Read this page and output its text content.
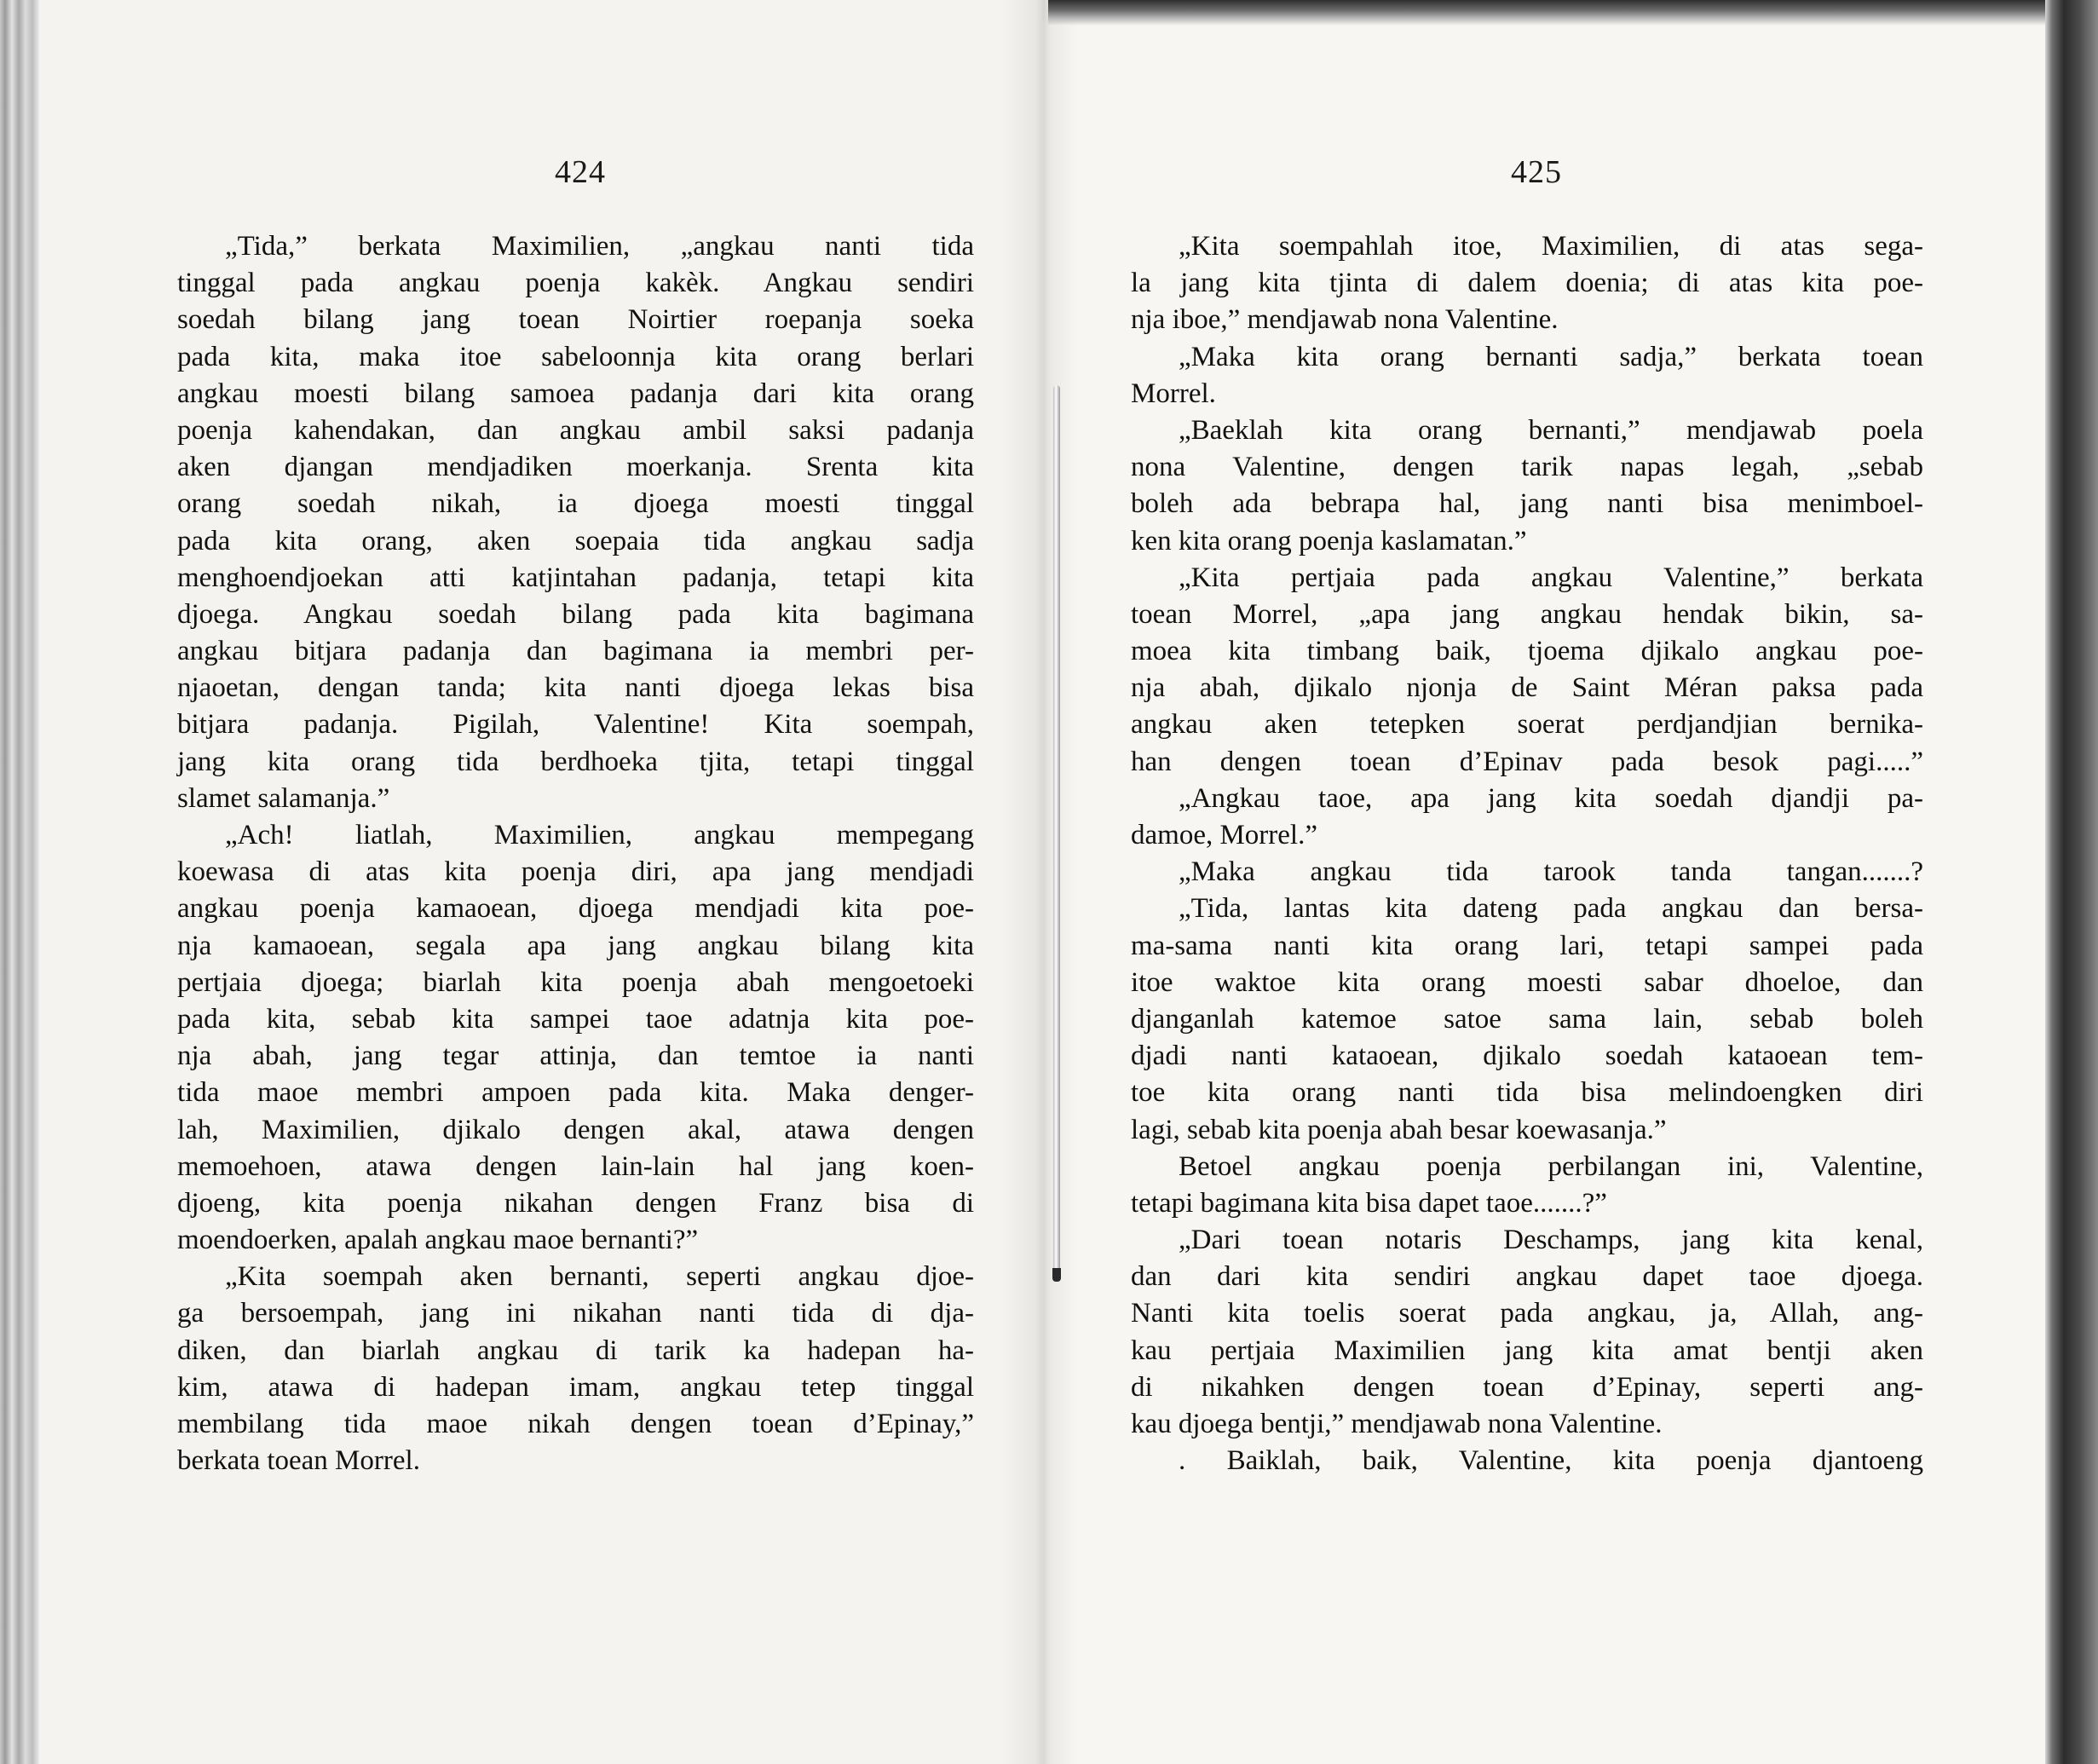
424	425
„Tida,” berkata Maximilien, „angkau nanti tida
tinggal pada angkau poenja kakèk. Angkau sendiri
soedah bilang jang toean Noirtier roepanja soeka
pada kita, maka itoe sabeloonnja kita orang berlari
angkau moesti bilang samoea padanja dari kita orang
poenja kahendakan, dan angkau ambil saksi padanja
aken djangan mendjadiken moerkanja. Srenta kita
orang soedah nikah, ia djoega moesti tinggal
pada kita orang, aken soepaia tida angkau sadja
menghoendjoekan atti katjintahan padanja, tetapi kita
djoega. Angkau soedah bilang pada kita bagimana
angkau bitjara padanja dan bagimana ia membri per-
njaoetan, dengan tanda; kita nanti djoega lekas bisa
bitjara padanja. Pigilah, Valentine! Kita soempah,
jang kita orang tida berdhoeka tjita, tetapi tinggal
slamet salamanja.”
„Ach! liatlah, Maximilien, angkau mempegang
koewasa di atas kita poenja diri, apa jang mendjadi
angkau poenja kamaoean, djoega mendjadi kita poe-
nja kamaoean, segala apa jang angkau bilang kita
pertjaia djoega; biarlah kita poenja abah mengoetoeki
pada kita, sebab kita sampei taoe adatnja kita poe-
nja abah, jang tegar attinja, dan temtoe ia nanti
tida maoe membri ampoen pada kita. Maka denger-
lah, Maximilien, djikalo dengen akal, atawa dengen
memoehoen, atawa dengen lain-lain hal jang koen-
djoeng, kita poenja nikahan dengen Franz bisa di
moendoerken, apalah angkau maoe bernanti?”
„Kita soempah aken bernanti, seperti angkau djoe-
ga bersoempah, jang ini nikahan nanti tida di dja-
diken, dan biarlah angkau di tarik ka hadepan ha-
kim, atawa di hadepan imam, angkau tetep tinggal
membilang tida maoe nikah dengen toean d’Epinay,”
berkata toean Morrel.
„Kita soempahlah itoe, Maximilien, di atas sega-
la jang kita tjinta di dalem doenia; di atas kita poe-
nja iboe,” mendjawab nona Valentine.
„Maka kita orang bernanti sadja,” berkata toean
Morrel.
„Baeklah kita orang bernanti,” mendjawab poela
nona Valentine, dengen tarik napas legah, „sebab
boleh ada bebrapa hal, jang nanti bisa menimboel-
ken kita orang poenja kaslamatan.”
„Kita pertjaia pada angkau Valentine,” berkata
toean Morrel, „apa jang angkau hendak bikin, sa-
moea kita timbang baik, tjoema djikalo angkau poe-
nja abah, djikalo njonja de Saint Méran paksa pada
angkau aken tetepken soerat perdjandjian bernika-
han dengen toean d’Epinav pada besok pagi.....”
„Angkau taoe, apa jang kita soedah djandji pa-
damoe, Morrel.”
„Maka angkau tida tarook tanda tangan.......?
„Tida, lantas kita dateng pada angkau dan bersa-
ma-sama nanti kita orang lari, tetapi sampei pada
itoe waktoe kita orang moesti sabar dhoeloe, dan
djanganlah katemoe satoe sama lain, sebab boleh
djadi nanti kataoean, djikalo soedah kataoean tem-
toe kita orang nanti tida bisa melindoengken diri
lagi, sebab kita poenja abah besar koewasanja.”
Betoel angkau poenja perbilangan ini, Valentine,
tetapi bagimana kita bisa dapet taoe.......?”
„Dari toean notaris Deschamps, jang kita kenal,
dan dari kita sendiri angkau dapet taoe djoega.
Nanti kita toelis soerat pada angkau, ja, Allah, ang-
kau pertjaia Maximilien jang kita amat bentji aken
di nikahken dengen toean d’Epinay, seperti ang-
kau djoega bentji,” mendjawab nona Valentine.
. Baiklah, baik, Valentine, kita poenja djantoeng
